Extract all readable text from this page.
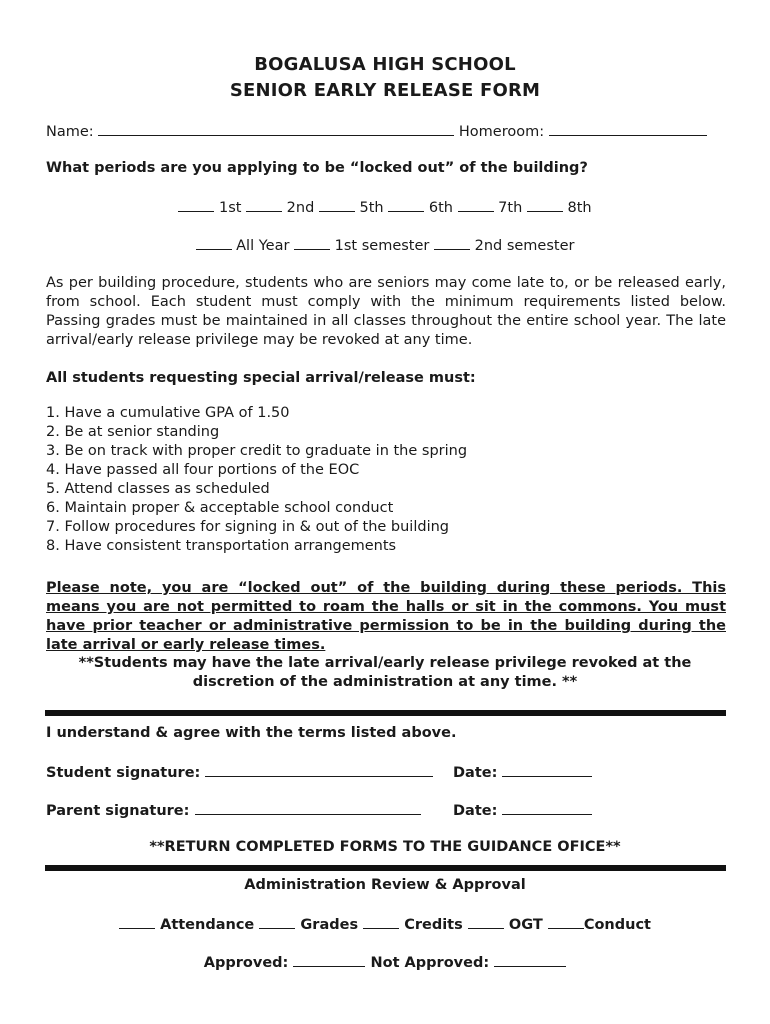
BOGALUSA HIGH SCHOOL
SENIOR EARLY RELEASE FORM
Name:	Homeroom:
What periods are you applying to be “locked out” of the building?
1st	2nd	5th	6th	7th	8th
All Year	1st semester	2nd semester
As per building procedure, students who are seniors may come late to, or be released early, from school. Each student must comply with the minimum requirements listed below. Passing grades must be maintained in all classes throughout the entire school year. The late arrival/early release privilege may be revoked at any time.
All students requesting special arrival/release must:
1. Have a cumulative GPA of 1.50
2. Be at senior standing
3. Be on track with proper credit to graduate in the spring
4. Have passed all four portions of the EOC
5. Attend classes as scheduled
6. Maintain proper & acceptable school conduct
7. Follow procedures for signing in & out of the building
8. Have consistent transportation arrangements
Please note, you are “locked out” of the building during these periods. This means you are not permitted to roam the halls or sit in the commons. You must have prior teacher or administrative permission to be in the building during the late arrival or early release times.
**Students may have the late arrival/early release privilege revoked at the
discretion of the administration at any time. **
I understand & agree with the terms listed above.
Student signature:	Date:
Parent signature:	Date:
**RETURN COMPLETED FORMS TO THE GUIDANCE OFICE**
Administration Review & Approval
Attendance	Grades	Credits	OGT	Conduct
Approved:	Not Approved:
